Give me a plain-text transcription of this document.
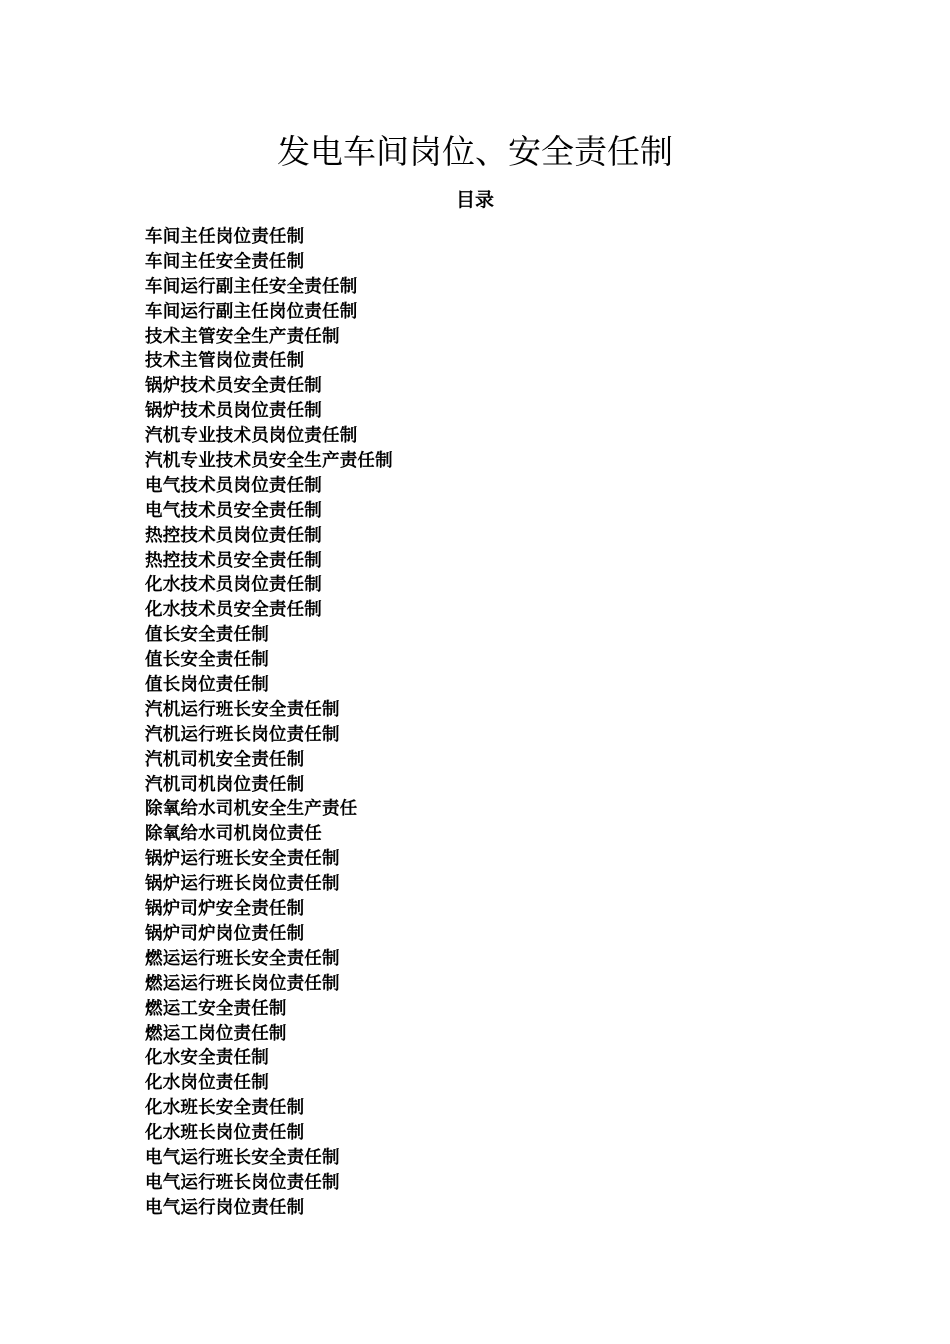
发电车间岗位、安全责任制
目录
车间主任岗位责任制
车间主任安全责任制
车间运行副主任安全责任制
车间运行副主任岗位责任制
技术主管安全生产责任制
技术主管岗位责任制
锅炉技术员安全责任制
锅炉技术员岗位责任制
汽机专业技术员岗位责任制
汽机专业技术员安全生产责任制
电气技术员岗位责任制
电气技术员安全责任制
热控技术员岗位责任制
热控技术员安全责任制
化水技术员岗位责任制
化水技术员安全责任制
值长安全责任制
值长安全责任制
值长岗位责任制
汽机运行班长安全责任制
汽机运行班长岗位责任制
汽机司机安全责任制
汽机司机岗位责任制
除氧给水司机安全生产责任
除氧给水司机岗位责任
锅炉运行班长安全责任制
锅炉运行班长岗位责任制
锅炉司炉安全责任制
锅炉司炉岗位责任制
燃运运行班长安全责任制
燃运运行班长岗位责任制
燃运工安全责任制
燃运工岗位责任制
化水安全责任制
化水岗位责任制
化水班长安全责任制
化水班长岗位责任制
电气运行班长安全责任制
电气运行班长岗位责任制
电气运行岗位责任制
